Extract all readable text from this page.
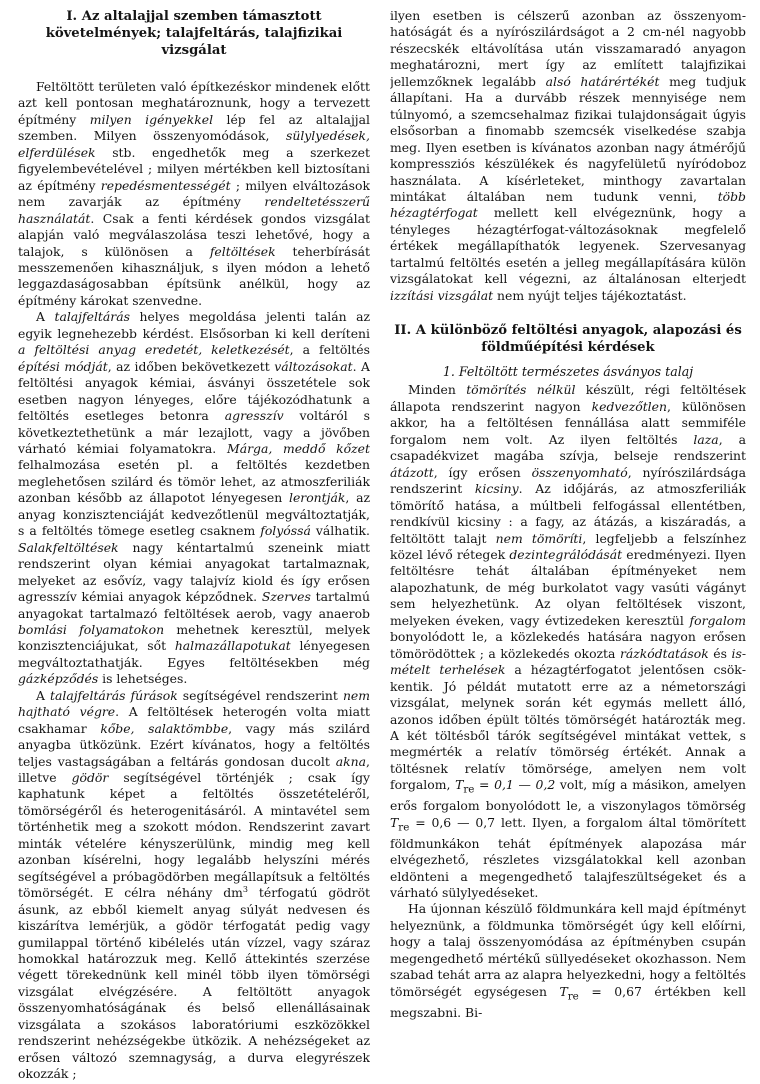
I. Az altalajjal szemben támasztott követelmények; talajfeltárás, talajfizikai vizsgálat

Feltöltött területen való építkezéskor mindenek előtt azt kell pontosan meghatároznunk, hogy a tervezett építmény milyen igényekkel lép fel az altalajjal szemben. Milyen összenyomódások, sülylyedések, elferdülések stb. engedhetők meg a szerkezet figyelembevételével ; milyen mértékben kell biztosítani az építmény repedésmentességét ; milyen elváltozások nem zavarják az építmény rendeltetésszerű használatát. Csak a fenti kérdések gondos vizsgálat alapján való megválaszolása teszi lehetővé, hogy a talajok, s különösen a feltöltések teherbírását messzemenően kihasználjuk, s ilyen módon a lehető leggazdaságosabban építsünk anélkül, hogy az építmény károkat szenvedne.

A talajfeltárás helyes megoldása jelenti talán az egyik legnehezebb kérdést. Elsősorban ki kell deríteni a feltöltési anyag eredetét, keletkezését, a feltöltés építési módját, az időben bekövetkezett változásokat. A feltöltési anyagok kémiai, ásványi összetétele sok esetben nagyon lényeges, előre tájékozódhatunk a feltöltés esetleges betonra agresszív voltáról s következtethetünk a már lezajlott, vagy a jövőben várható kémiai folyamatokra. Márga, meddő kőzet felhalmozása esetén pl. a feltöltés kezdetben meglehetősen szilárd és tömör lehet, az atmoszferiliák azonban később az állapotot lényegesen lerontják, az anyag konzisztenciáját kedvezőtlenül megváltoztatják, s a feltöltés tömege esetleg csaknem folyóssá válhatik. Salakfeltöltések nagy kéntartalmú szeneink miatt rendszerint olyan kémiai anyagokat tartalmaznak, melyeket az esővíz, vagy talajvíz kiold és így erősen agresszív kémiai anyagok képződnek. Szerves tartalmú anyagokat tartalmazó feltöltések aerob, vagy anaerob bomlási folyamatokon mehetnek keresztül, melyek konzisztenciájukat, sőt halmazállapotukat lényegesen megváltoztathatják. Egyes feltöltésekben még gázképződés is lehetséges.

A talajfeltárás fúrások segítségével rendszerint nem hajtható végre. A feltöltések heterogén volta miatt csakhamar kőbe, salaktömbbe, vagy más szilárd anyagba ütközünk. Ezért kívánatos, hogy a feltöltés teljes vastagságában a feltárás gondosan ducolt akna, illetve gödör segítségével történjék ; csak így kaphatunk képet a feltöltés összetételéről, tömörségéről és heterogenitásáról. A mintavétel sem történhetik meg a szokott módon. Rendszerint zavart minták vételére kényszerülünk, mindig meg kell azonban kísérelni, hogy legalább helyszíni mérés segítségével a próbagödörben megállapítsuk a feltöltés tömörségét. E célra néhány $dm^3$ térfogatú gödröt ásunk, az ebből kiemelt anyag súlyát nedvesen és kiszárítva lemérjük, a gödör térfogatát pedig vagy gumilappal történő kibélelés után vízzel, vagy száraz homokkal határozzuk meg. Kellő áttekintés szerzése végett törekednünk kell minél több ilyen tömörségi vizsgálat elvégzésére. A feltöltött anyagok összenyomhatóságának és belső ellenállásainak vizsgálata a szokásos laboratóriumi eszközökkel rendszerint nehézségekbe ütközik. A nehézségeket az erősen változó szemnagyság, a durva elegyrészek okozzák ;

ilyen esetben is célszerű azonban az összenyomhatóságát és a nyírószilárdságot a 2 cm-nél nagyobb részecskék eltávolítása után visszamaradó anyagon meghatározni, mert így az említett talajfizikai jellemzőknek legalább alsó határértékét meg tudjuk állapítani. Ha a durvább részek mennyisége nem túlnyomó, a szemcsehalmaz fizikai tulajdonságait úgyis elsősorban a finomabb szemcsék viselkedése szabja meg. Ilyen esetben is kívánatos azonban nagy átmérőjű kompressziós készülékek és nagyfelületű nyíródoboz használata. A kísérleteket, minthogy zavartalan mintákat általában nem tudunk venni, több hézagtérfogat mellett kell elvégeznünk, hogy a tényleges hézagtérfogat-változásoknak megfelelő értékek megállapíthatók legyenek. Szervesanyag tartalmú feltöltés esetén a jelleg megállapítására külön vizsgálatokat kell végezni, az általánosan elterjedt izzítási vizsgálat nem nyújt teljes tájékoztatást.

II. A különböző feltöltési anyagok, alapozási és földműépítési kérdések
1. Feltöltött természetes ásványos talaj

Minden tömörítés nélkül készült, régi feltöltések állapota rendszerint nagyon kedvezőtlen, különösen akkor, ha a feltöltésen fennállása alatt semmiféle forgalom nem volt. Az ilyen feltöltés laza, a csapadékvizet magába szívja, belseje rendszerint átázott, így erősen összenyomható, nyírószilárdsága rendszerint kicsiny. Az időjárás, az atmoszferiliák tömörítő hatása, a múltbeli felfogással ellentétben, rendkívül kicsiny : a fagy, az átázás, a kiszáradás, a feltöltött talajt nem tömöríti, legfeljebb a felszínhez közel lévő rétegek dezintegrálódását eredményezi. Ilyen feltöltésre tehát általában építményeket nem alapozhatunk, de még burkolatot vagy vasúti vágányt sem helyezhetünk. Az olyan feltöltések viszont, melyeken éveken, vagy évtizedeken keresztül forgalom bonyolódott le, a közlekedés hatására nagyon erősen tömörödöttek ; a közlekedés okozta rázkódtatások és ismételt terhelések a hézagtérfogatot jelentősen csökkentik. Jó példát mutatott erre az a németországi vizsgálat, melynek során két egymás mellett álló, azonos időben épült töltés tömörségét határozták meg. A két töltésből tárók segítségével mintákat vettek, s megmérték a relatív tömörség értékét. Annak a töltésnek relatív tömörsége, amelyen nem volt forgalom, $T_{re} = 0,1$ — 0,2 volt, míg a másikon, amelyen erős forgalom bonyolódott le, a viszonylagos tömörség $T_{re} = 0,6$ — 0,7 lett. Ilyen, a forgalom által tömörített földmunkákon tehát építmények alapozása már elvégezhető, részletes vizsgálatokkal kell azonban eldönteni a megengedhető talajfeszültségeket és a várható sülylyedéseket.

Ha újonnan készülő földmunkára kell majd építményt helyeznünk, a földmunka tömörségét úgy kell előírni, hogy a talaj összenyomódása az építményben csupán megengedhető mértékű süllyedéseket okozhasson. Nem szabad tehát arra az alapra helyezkedni, hogy a feltöltés tömörségét egységesen $T_{re} = 0,67$ értékben kell megszabni. Bi-
